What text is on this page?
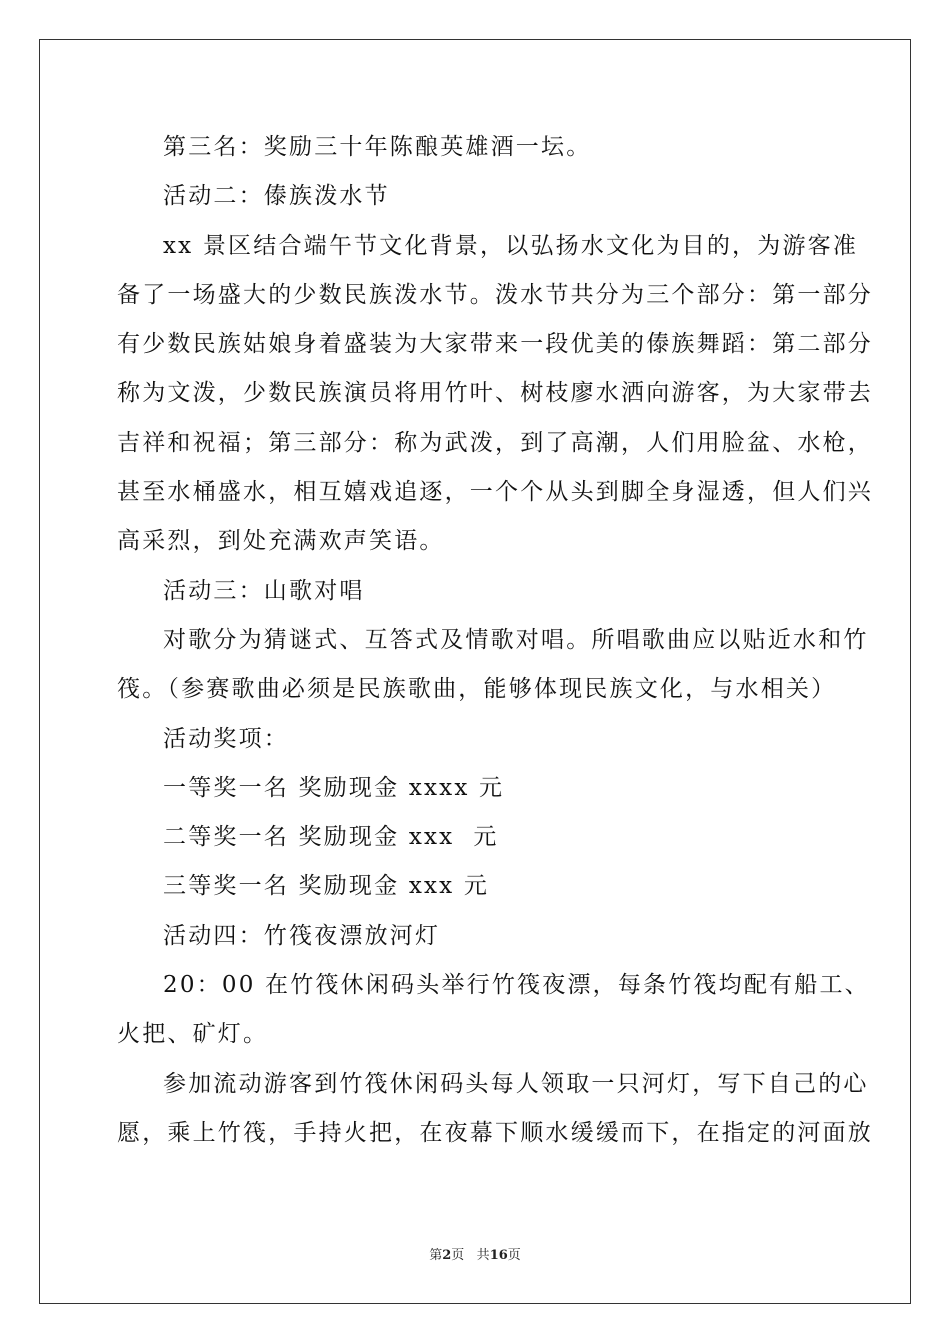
第三名：奖励三十年陈酿英雄酒一坛。
活动二：傣族泼水节
xx 景区结合端午节文化背景，以弘扬水文化为目的，为游客准
备了一场盛大的少数民族泼水节。泼水节共分为三个部分：第一部分
有少数民族姑娘身着盛装为大家带来一段优美的傣族舞蹈：第二部分
称为文泼，少数民族演员将用竹叶、树枝廖水洒向游客，为大家带去
吉祥和祝福；第三部分：称为武泼，到了高潮，人们用脸盆、水枪，
甚至水桶盛水，相互嬉戏追逐，一个个从头到脚全身湿透，但人们兴
高采烈，到处充满欢声笑语。
活动三：山歌对唱
对歌分为猜谜式、互答式及情歌对唱。所唱歌曲应以贴近水和竹
筏。（参赛歌曲必须是民族歌曲，能够体现民族文化，与水相关）
活动奖项：
一等奖一名 奖励现金 xxxx 元
二等奖一名 奖励现金 xxx  元
三等奖一名 奖励现金 xxx 元
活动四：竹筏夜漂放河灯
20：00 在竹筏休闲码头举行竹筏夜漂，每条竹筏均配有船工、
火把、矿灯。
参加流动游客到竹筏休闲码头每人领取一只河灯，写下自己的心
愿，乘上竹筏，手持火把，在夜幕下顺水缓缓而下，在指定的河面放
第2页 共16页
